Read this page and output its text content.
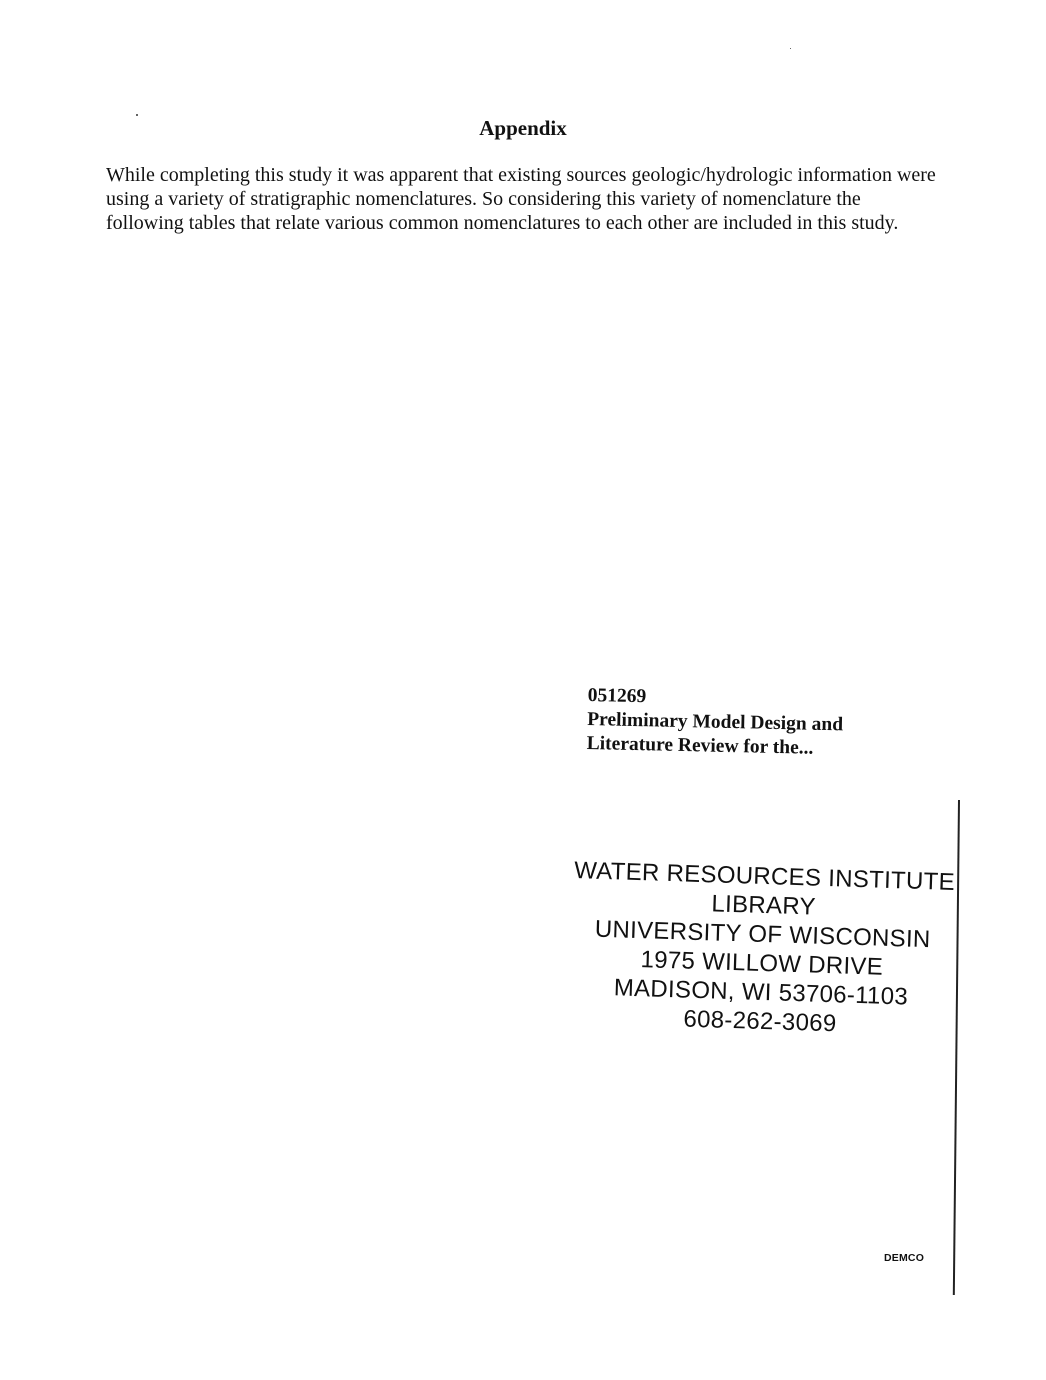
Appendix

While completing this study it was apparent that existing sources geologic/hydrologic information were using a variety of stratigraphic nomenclatures. So considering this variety of nomenclature the following tables that relate various common nomenclatures to each other are included in this study.

051269
Preliminary Model Design and
Literature Review for the...
WATER RESOURCES INSTITUTE
LIBRARY
UNIVERSITY OF WISCONSIN
1975 WILLOW DRIVE
MADISON, WI 53706-1103
608-262-3069
DEMCO
